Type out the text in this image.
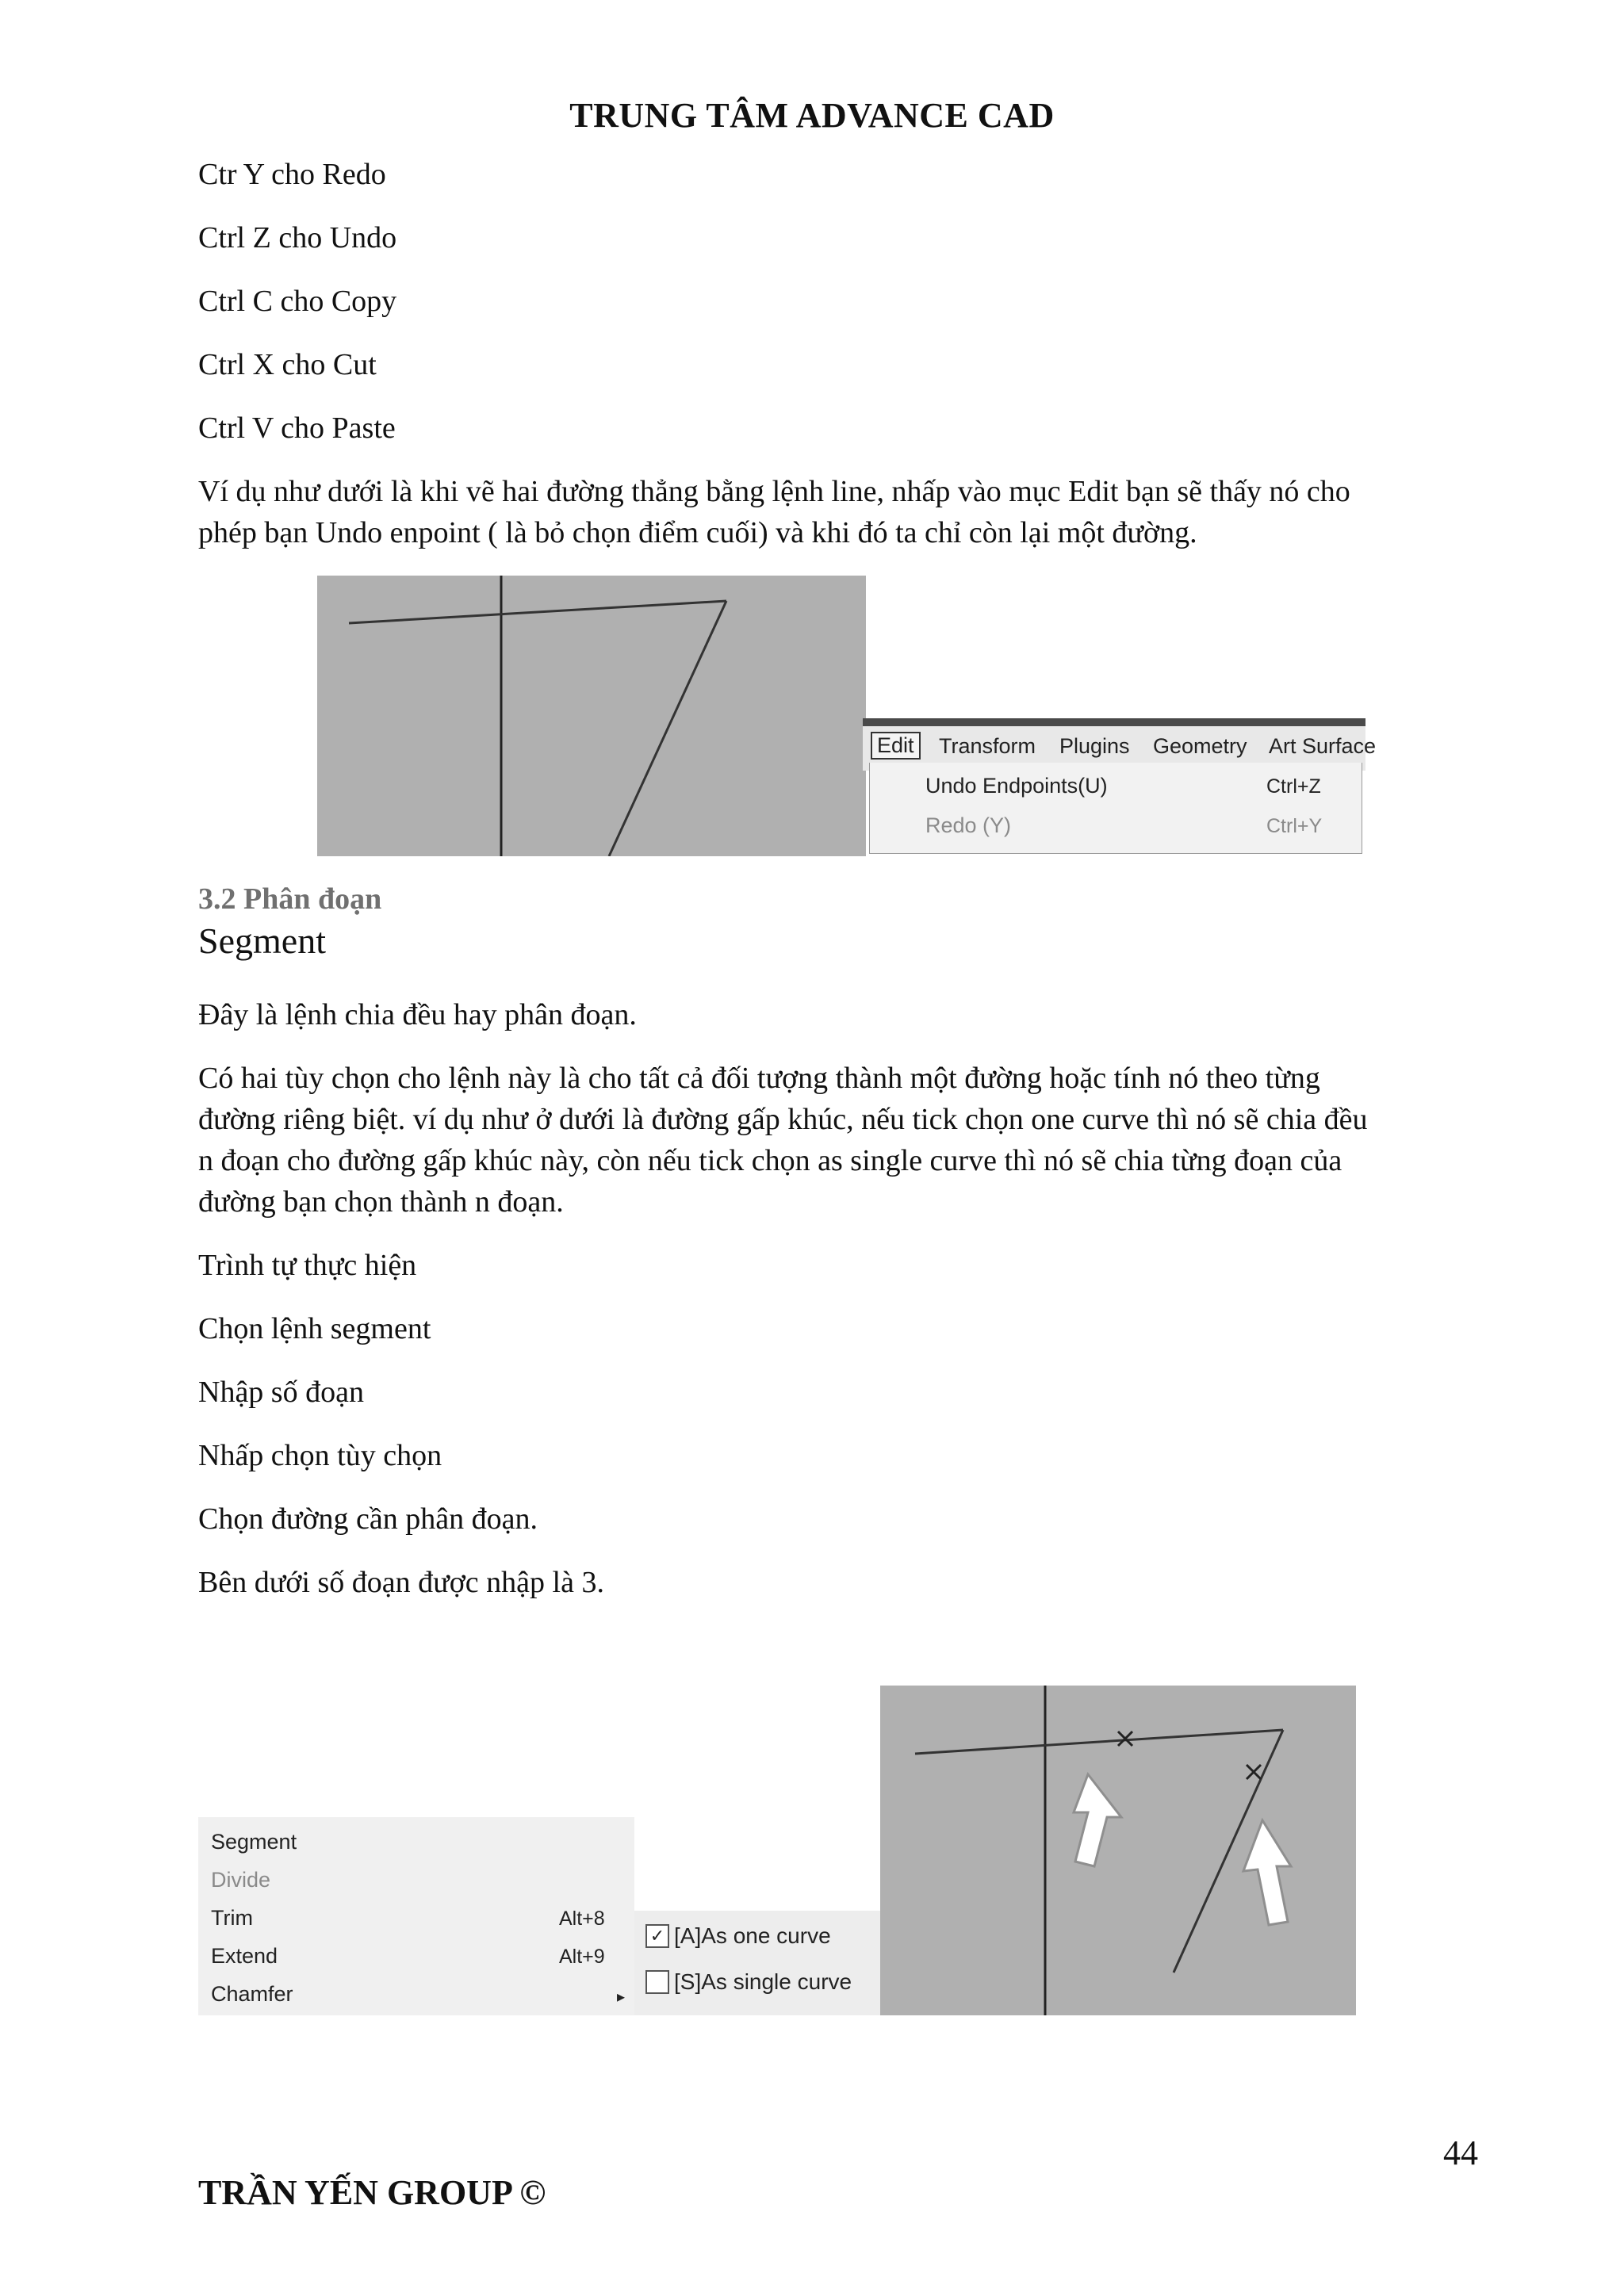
TRUNG TÂM ADVANCE CAD
Ctr Y cho Redo
Ctrl Z cho Undo
Ctrl C cho Copy
Ctrl X cho Cut
Ctrl V cho Paste
Ví dụ như dưới là khi vẽ hai đường thẳng bằng lệnh line, nhấp vào mục Edit bạn sẽ thấy nó cho
phép bạn Undo enpoint ( là bỏ chọn điểm cuối) và khi đó ta chỉ còn lại một đường.
Edit Transform Plugins Geometry Art Surface
Undo Endpoints(U)	Ctrl+Z
Redo (Y)	Ctrl+Y
3.2 Phân đoạn
Segment
Đây là lệnh chia đều hay phân đoạn.
Có hai tùy chọn cho lệnh này là cho tất cả đối tượng thành một đường hoặc tính nó theo từng
đường riêng biệt. ví dụ như ở dưới là đường gấp khúc, nếu tick chọn one curve thì nó sẽ chia đều
n đoạn cho đường gấp khúc này, còn nếu tick chọn as single curve thì nó sẽ chia từng đoạn của
đường bạn chọn thành n đoạn.
Trình tự thực hiện
Chọn lệnh segment
Nhập số đoạn
Nhấp chọn tùy chọn
Chọn đường cần phân đoạn.
Bên dưới số đoạn được nhập là 3.
Segment
Divide
Trim	Alt+8
Extend	Alt+9
Chamfer	▸
✓ [A]As one curve
[S]As single curve
44
TRẦN YẾN GROUP ©
